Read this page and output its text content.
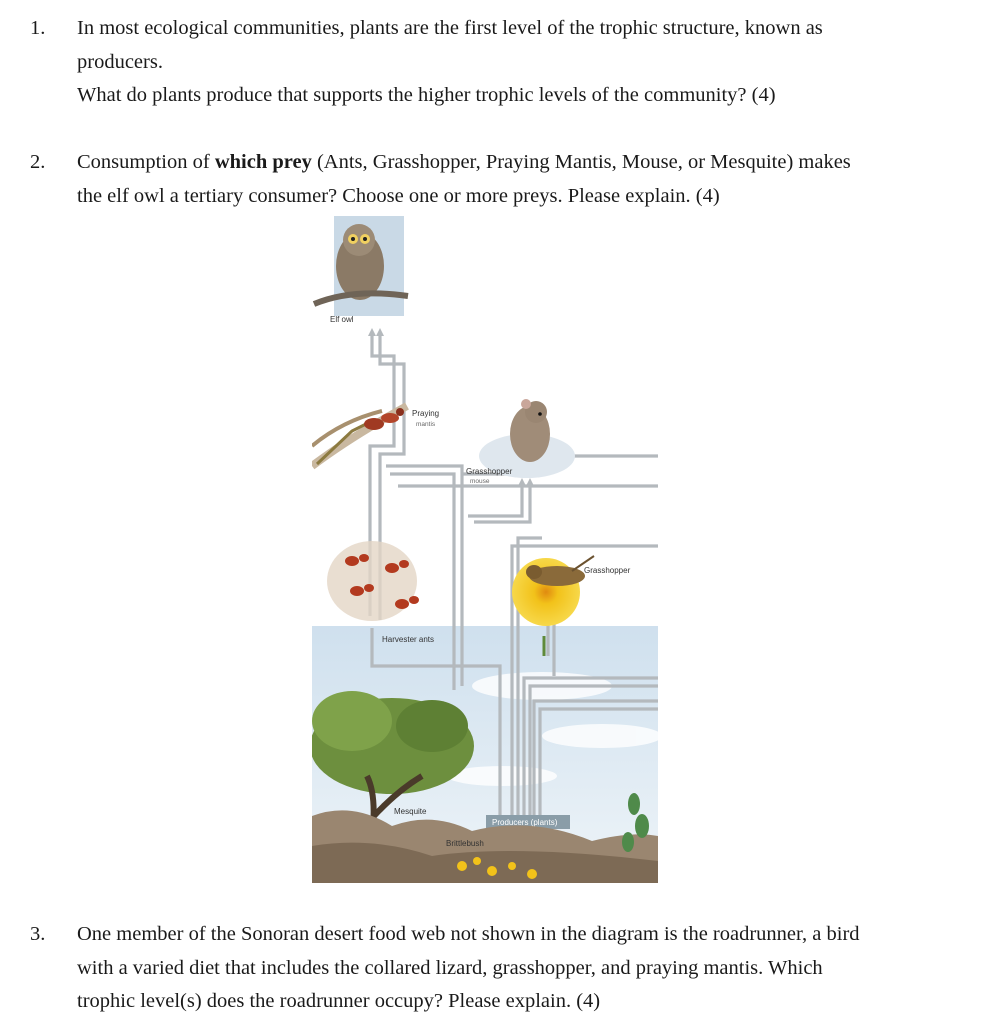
1. In most ecological communities, plants are the first level of the trophic structure, known as

producers.

What do plants produce that supports the higher trophic levels of the community? (4)

2. Consumption of which prey (Ants, Grasshopper, Praying Mantis, Mouse, or Mesquite) makes

the elf owl a tertiary consumer? Choose one or more preys. Please explain. (4)

Elf owl
Praying
mantis
Grasshopper
mouse
Harvester ants
Grasshopper
Mesquite
Producers (plants)
Brittlebush
3. One member of the Sonoran desert food web not shown in the diagram is the roadrunner, a bird

with a varied diet that includes the collared lizard, grasshopper, and praying mantis. Which

trophic level(s) does the roadrunner occupy? Please explain. (4)
